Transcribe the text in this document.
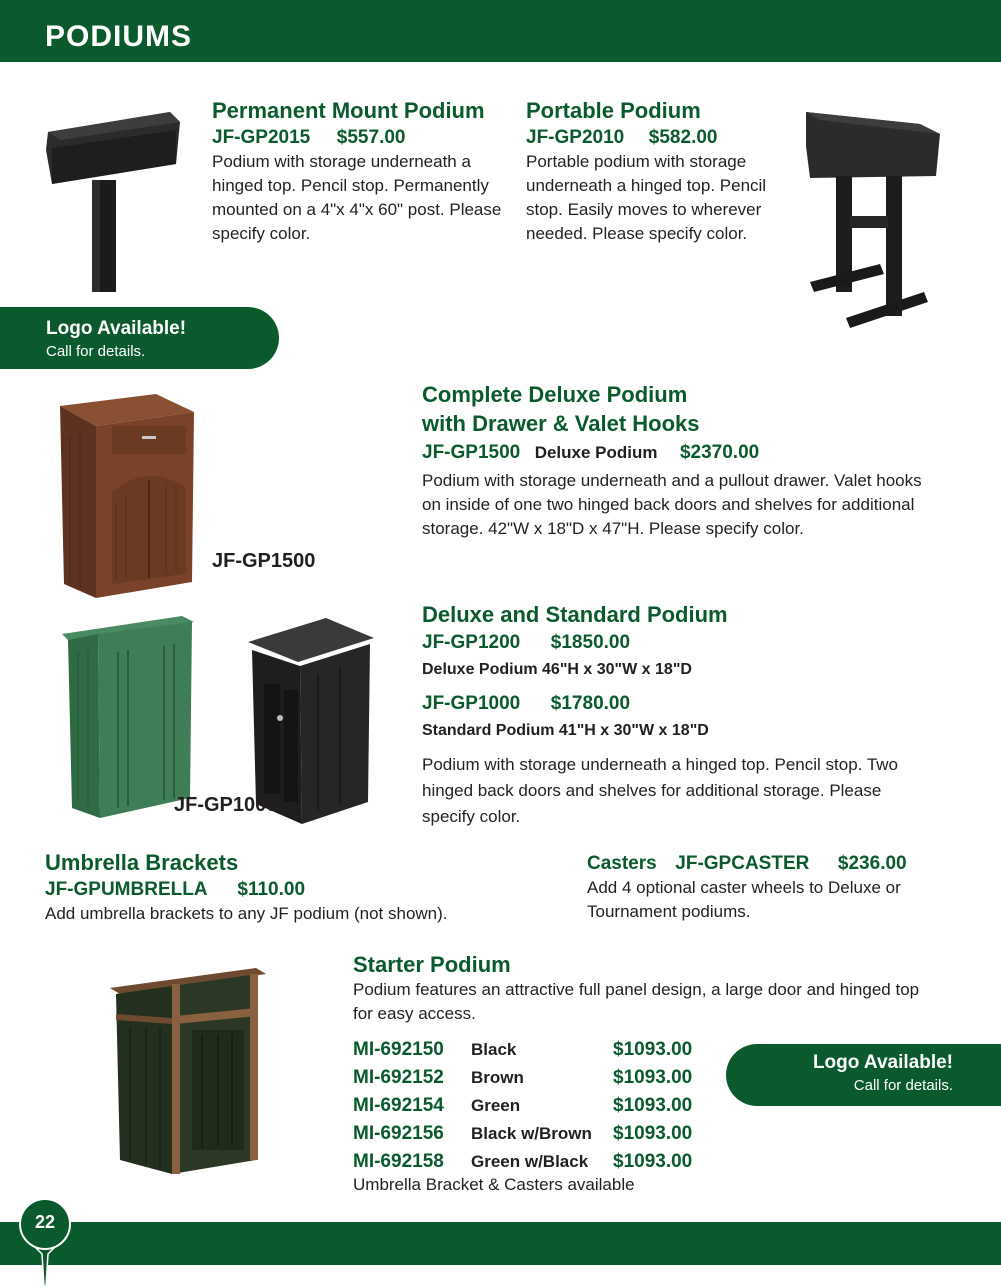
PODIUMS
Permanent Mount Podium
JF-GP2015 $557.00
Podium with storage underneath a hinged top. Pencil stop. Permanently mounted on a 4"x 4"x 60" post. Please specify color.
Portable Podium
JF-GP2010 $582.00
Portable podium with storage underneath a hinged top. Pencil stop. Easily moves to wherever needed. Please specify color.
Logo Available!
Call for details.
JF-GP1500
Complete Deluxe Podium
with Drawer & Valet Hooks
JF-GP1500 Deluxe Podium $2370.00
Podium with storage underneath and a pullout drawer. Valet hooks on inside of one two hinged back doors and shelves for additional storage. 42"W x 18"D x 47"H. Please specify color.
JF-GP1000
Deluxe and Standard Podium
JF-GP1200 $1850.00
Deluxe Podium 46"H x 30"W x 18"D
JF-GP1000 $1780.00
Standard Podium 41"H x 30"W x 18"D
Podium with storage underneath a hinged top. Pencil stop. Two hinged back doors and shelves for additional storage. Please specify color.
Umbrella Brackets
JF-GPUMBRELLA $110.00
Add umbrella brackets to any JF podium (not shown).
Casters JF-GPCASTER $236.00
Add 4 optional caster wheels to Deluxe or Tournament podiums.
Starter Podium
Podium features an attractive full panel design, a large door and hinged top for easy access.
MI-692150	Black	$1093.00
MI-692152	Brown	$1093.00
MI-692154	Green	$1093.00
MI-692156	Black w/Brown	$1093.00
MI-692158	Green w/Black	$1093.00
Umbrella Bracket & Casters available
Logo Available!
Call for details.
22
